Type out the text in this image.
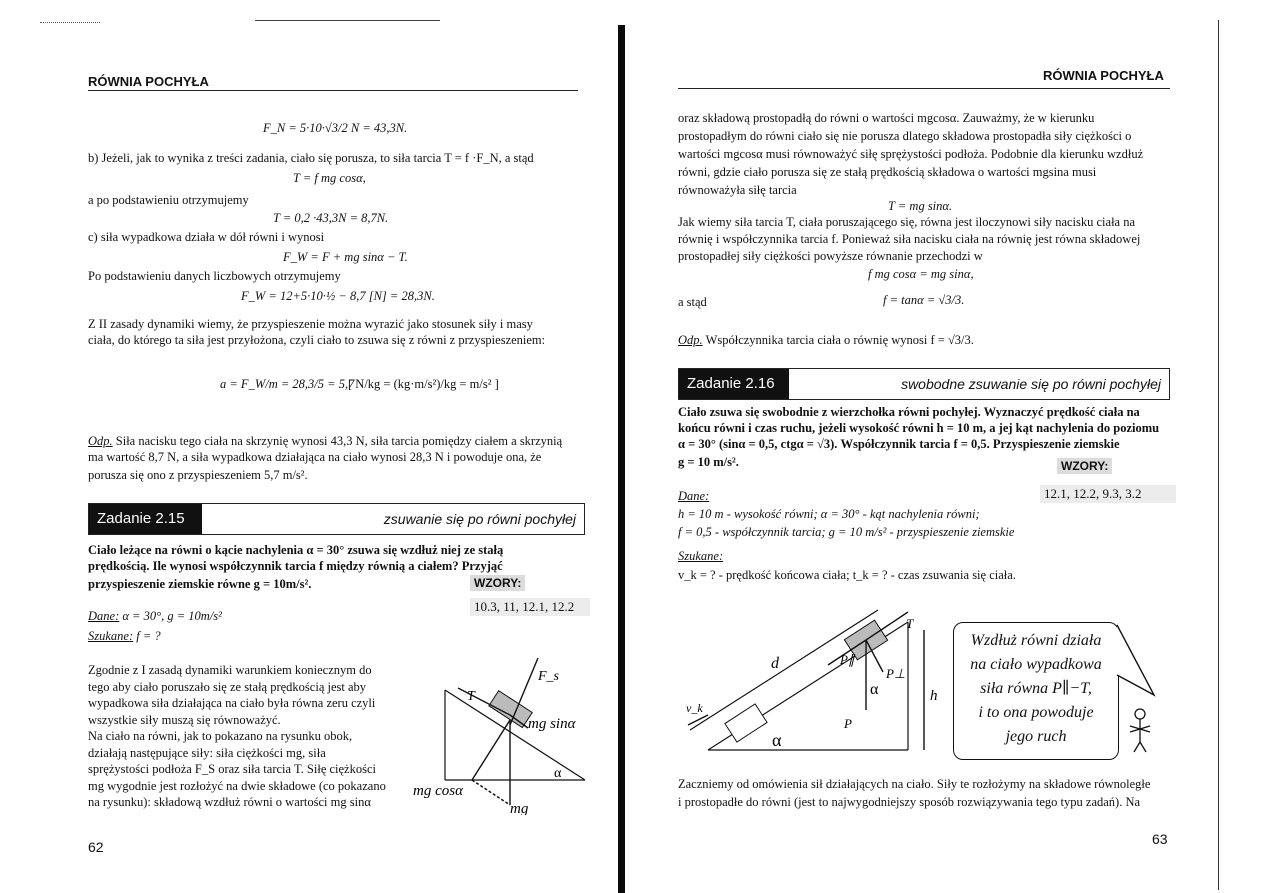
RÓWNIA POCHYŁA
F_N = 5·10·√3/2 N = 43,3N.
b) Jeżeli, jak to wynika z treści zadania, ciało się porusza, to siła tarcia T = f ·F_N, a stąd
T = f mg cosα,
a po podstawieniu otrzymujemy
T = 0,2 ·43,3N = 8,7N.
c) siła wypadkowa działa w dół równi i wynosi
F_W = F + mg sinα − T.
Po podstawieniu danych liczbowych otrzymujemy
F_W = 12+5·10·½ − 8,7 [N] = 28,3N.
Z II zasady dynamiki wiemy, że przyspieszenie można wyrazić jako stosunek siły i masy
ciała, do którego ta siła jest przyłożona, czyli ciało to zsuwa się z równi z przyspieszeniem:
a = F_W/m = 28,3/5 = 5,7
[ N/kg = (kg·m/s²)/kg = m/s² ]
Odp. Siła nacisku tego ciała na skrzynię wynosi 43,3 N, siła tarcia pomiędzy ciałem a skrzynią
ma wartość 8,7 N, a siła wypadkowa działająca na ciało wynosi 28,3 N i powoduje ona, że
porusza się ono z przyspieszeniem 5,7 m/s².
Zadanie 2.15	zsuwanie się po równi pochyłej
Ciało leżące na równi o kącie nachylenia α = 30° zsuwa się wzdłuż niej ze stałą
prędkością. Ile wynosi współczynnik tarcia f między równią a ciałem? Przyjąć
przyspieszenie ziemskie równe g = 10m/s².	WZORY:
10.3, 11, 12.1, 12.2
Dane: α = 30°, g = 10m/s²
Szukane: f = ?
Zgodnie z I zasadą dynamiki warunkiem koniecznym do
tego aby ciało poruszało się ze stałą prędkością jest aby
wypadkowa siła działająca na ciało była równa zeru czyli
wszystkie siły muszą się równoważyć.
Na ciało na równi, jak to pokazano na rysunku obok,
działają następujące siły: siła ciężkości mg, siła
sprężystości podłoża F_S oraz siła tarcia T. Siłę ciężkości
mg wygodnie jest rozłożyć na dwie składowe (co pokazano
na rysunku): składową wzdłuż równi o wartości mg sinα
F_s
T
mg sinα
α
mg cosα
mg
62
RÓWNIA POCHYŁA
oraz składową prostopadłą do równi o wartości mgcosα. Zauważmy, że w kierunku
prostopadłym do równi ciało się nie porusza dlatego składowa prostopadła siły ciężkości o
wartości mgcosα musi równoważyć siłę sprężystości podłoża. Podobnie dla kierunku wzdłuż
równi, gdzie ciało porusza się ze stałą prędkością składowa o wartości mgsina musi
równoważyła siłę tarcia
T = mg sinα.
Jak wiemy siła tarcia T, ciała poruszającego się, równa jest iloczynowi siły nacisku ciała na
równię i współczynnika tarcia f. Ponieważ siła nacisku ciała na równię jest równa składowej
prostopadłej siły ciężkości powyższe równanie przechodzi w
f mg cosα = mg sinα,
a stąd	f = tanα = √3/3.
Odp. Współczynnika tarcia ciała o równię wynosi f = √3/3.
Zadanie 2.16	swobodne zsuwanie się po równi pochyłej
Ciało zsuwa się swobodnie z wierzchołka równi pochyłej. Wyznaczyć prędkość ciała na
końcu równi i czas ruchu, jeżeli wysokość równi h = 10 m, a jej kąt nachylenia do poziomu
α = 30° (sinα = 0,5, ctgα = √3). Współczynnik tarcia f = 0,5. Przyspieszenie ziemskie
g = 10 m/s².	WZORY:
12.1, 12.2, 9.3, 3.2
Dane:
h = 10 m - wysokość równi; α = 30° - kąt nachylenia równi;
f = 0,5 - współczynnik tarcia; g = 10 m/s² - przyspieszenie ziemskie
Szukane:
v_k = ? - prędkość końcowa ciała; t_k = ? - czas zsuwania się ciała.
d	P∥
T
P⊥
α	h
v_k
α
P
Wzdłuż równi działa
na ciało wypadkowa
siła równa P∥−T,
i to ona powoduje
jego ruch
Zaczniemy od omówienia sił działających na ciało. Siły te rozłożymy na składowe równoległe
i prostopadłe do równi (jest to najwygodniejszy sposób rozwiązywania tego typu zadań). Na
63
